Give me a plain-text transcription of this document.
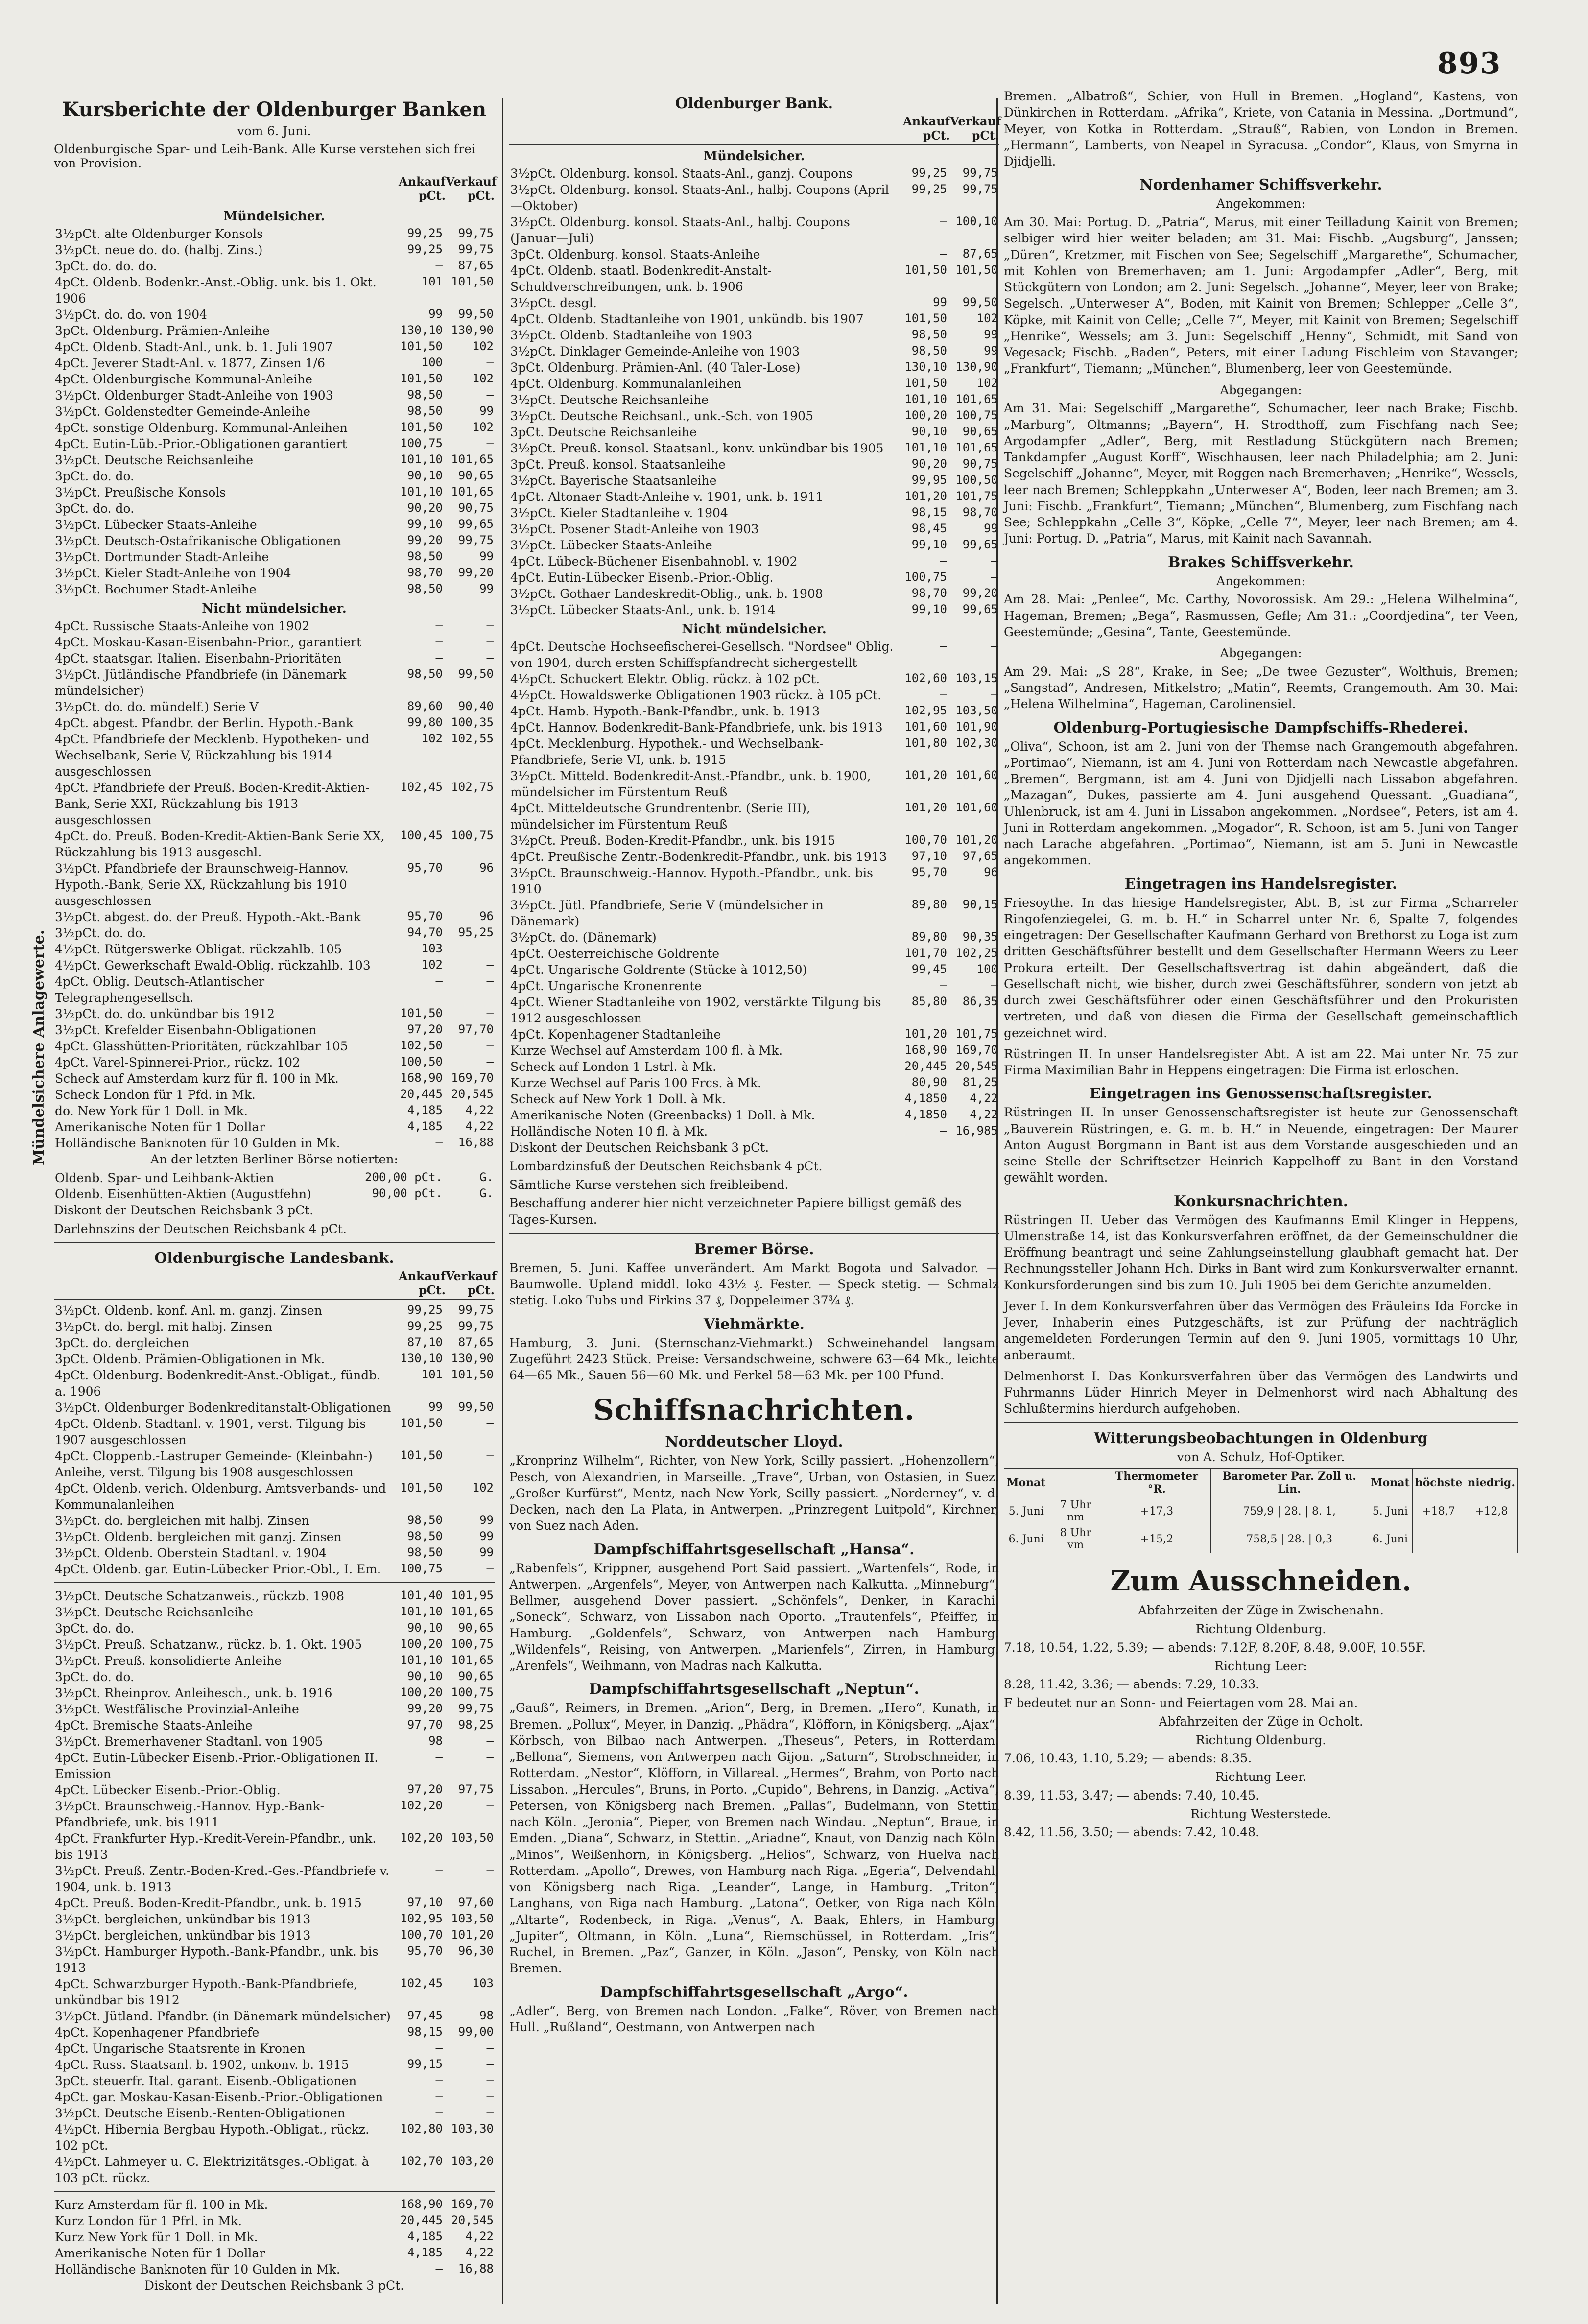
893
Mündelsichere Anlagewerte.
Kursberichte der Oldenburger Banken
vom 6. Juni.
Oldenburgische Spar- und Leih-Bank. Alle Kurse verstehen sich frei von Provision.
Ankauf pCt.
Verkauf pCt.
Mündelsicher.
3½pCt. alte Oldenburger Konsols	99,25	99,75
3½pCt. neue do. do. (halbj. Zins.)	99,25	99,75
3pCt. do. do. do.	—	87,65
4pCt. Oldenb. Bodenkr.-Anst.-Oblig. unk. bis 1. Okt. 1906	101	101,50
3½pCt. do. do. von 1904	99	99,50
3pCt. Oldenburg. Prämien-Anleihe	130,10	130,90
4pCt. Oldenb. Stadt-Anl., unk. b. 1. Juli 1907	101,50	102
4pCt. Jeverer Stadt-Anl. v. 1877, Zinsen 1/6	100	—
4pCt. Oldenburgische Kommunal-Anleihe	101,50	102
3½pCt. Oldenburger Stadt-Anleihe von 1903	98,50	—
3½pCt. Goldenstedter Gemeinde-Anleihe	98,50	99
4pCt. sonstige Oldenburg. Kommunal-Anleihen	101,50	102
4pCt. Eutin-Lüb.-Prior.-Obligationen garantiert	100,75	—
3½pCt. Deutsche Reichsanleihe	101,10	101,65
3pCt. do. do.	90,10	90,65
3½pCt. Preußische Konsols	101,10	101,65
3pCt. do. do.	90,20	90,75
3½pCt. Lübecker Staats-Anleihe	99,10	99,65
3½pCt. Deutsch-Ostafrikanische Obligationen	99,20	99,75
3½pCt. Dortmunder Stadt-Anleihe	98,50	99
3½pCt. Kieler Stadt-Anleihe von 1904	98,70	99,20
3½pCt. Bochumer Stadt-Anleihe	98,50	99
Nicht mündelsicher.
4pCt. Russische Staats-Anleihe von 1902	—	—
4pCt. Moskau-Kasan-Eisenbahn-Prior., garantiert	—	—
4pCt. staatsgar. Italien. Eisenbahn-Prioritäten	—	—
3½pCt. Jütländische Pfandbriefe (in Dänemark mündelsicher)	98,50	99,50
3½pCt. do. do. mündelf.) Serie V	89,60	90,40
4pCt. abgest. Pfandbr. der Berlin. Hypoth.-Bank	99,80	100,35
4pCt. Pfandbriefe der Mecklenb. Hypotheken- und Wechselbank, Serie V, Rückzahlung bis 1914 ausgeschlossen	102	102,55
4pCt. Pfandbriefe der Preuß. Boden-Kredit-Aktien-Bank, Serie XXI, Rückzahlung bis 1913 ausgeschlossen	102,45	102,75
4pCt. do. Preuß. Boden-Kredit-Aktien-Bank Serie XX, Rückzahlung bis 1913 ausgeschl.	100,45	100,75
3½pCt. Pfandbriefe der Braunschweig-Hannov. Hypoth.-Bank, Serie XX, Rückzahlung bis 1910 ausgeschlossen	95,70	96
3½pCt. abgest. do. der Preuß. Hypoth.-Akt.-Bank	95,70	96
3½pCt. do. do.	94,70	95,25
4½pCt. Rütgerswerke Obligat. rückzahlb. 105	103	—
4½pCt. Gewerkschaft Ewald-Oblig. rückzahlb. 103	102	—
4pCt. Oblig. Deutsch-Atlantischer Telegraphengesellsch.	—	—
3½pCt. do. do. unkündbar bis 1912	101,50	—
3½pCt. Krefelder Eisenbahn-Obligationen	97,20	97,70
4pCt. Glasshütten-Prioritäten, rückzahlbar 105	102,50	—
4pCt. Varel-Spinnerei-Prior., rückz. 102	100,50	—
Scheck auf Amsterdam kurz für fl. 100 in Mk.	168,90	169,70
Scheck London für 1 Pfd. in Mk.	20,445	20,545
do. New York für 1 Doll. in Mk.	4,185	4,22
Amerikanische Noten für 1 Dollar	4,185	4,22
Holländische Banknoten für 10 Gulden in Mk.	—	16,88
An der letzten Berliner Börse notierten:
Oldenb. Spar- und Leihbank-Aktien	200,00 pCt.	G.
Oldenb. Eisenhütten-Aktien (Augustfehn)	90,00 pCt.	G.
Diskont der Deutschen Reichsbank 3 pCt.
Darlehnszins der Deutschen Reichsbank 4 pCt.
Oldenburgische Landesbank.
Ankauf pCt.
Verkauf pCt.
3½pCt. Oldenb. konf. Anl. m. ganzj. Zinsen	99,25	99,75
3½pCt. do. bergl. mit halbj. Zinsen	99,25	99,75
3pCt. do. dergleichen	87,10	87,65
3pCt. Oldenb. Prämien-Obligationen in Mk.	130,10	130,90
4pCt. Oldenburg. Bodenkredit-Anst.-Obligat., fündb. a. 1906	101	101,50
3½pCt. Oldenburger Bodenkreditanstalt-Obligationen	99	99,50
4pCt. Oldenb. Stadtanl. v. 1901, verst. Tilgung bis 1907 ausgeschlossen	101,50	—
4pCt. Cloppenb.-Lastruper Gemeinde- (Kleinbahn-) Anleihe, verst. Tilgung bis 1908 ausgeschlossen	101,50	—
4pCt. Oldenb. verich. Oldenburg. Amtsverbands- und Kommunalanleihen	101,50	102
3½pCt. do. bergleichen mit halbj. Zinsen	98,50	99
3½pCt. Oldenb. bergleichen mit ganzj. Zinsen	98,50	99
3½pCt. Oldenb. Oberstein Stadtanl. v. 1904	98,50	99
4pCt. Oldenb. gar. Eutin-Lübecker Prior.-Obl., I. Em.	100,75	—
3½pCt. Deutsche Schatzanweis., rückzb. 1908	101,40	101,95
3½pCt. Deutsche Reichsanleihe	101,10	101,65
3pCt. do. do.	90,10	90,65
3½pCt. Preuß. Schatzanw., rückz. b. 1. Okt. 1905	100,20	100,75
3½pCt. Preuß. konsolidierte Anleihe	101,10	101,65
3pCt. do. do.	90,10	90,65
3½pCt. Rheinprov. Anleihesch., unk. b. 1916	100,20	100,75
3½pCt. Westfälische Provinzial-Anleihe	99,20	99,75
4pCt. Bremische Staats-Anleihe	97,70	98,25
3½pCt. Bremerhavener Stadtanl. von 1905	98	—
4pCt. Eutin-Lübecker Eisenb.-Prior.-Obligationen II. Emission	—	—
4pCt. Lübecker Eisenb.-Prior.-Oblig.	97,20	97,75
3½pCt. Braunschweig.-Hannov. Hyp.-Bank-Pfandbriefe, unk. bis 1911	102,20	—
4pCt. Frankfurter Hyp.-Kredit-Verein-Pfandbr., unk. bis 1913	102,20	103,50
3½pCt. Preuß. Zentr.-Boden-Kred.-Ges.-Pfandbriefe v. 1904, unk. b. 1913	—	—
4pCt. Preuß. Boden-Kredit-Pfandbr., unk. b. 1915	97,10	97,60
3½pCt. bergleichen, unkündbar bis 1913	102,95	103,50
3½pCt. bergleichen, unkündbar bis 1913	100,70	101,20
3½pCt. Hamburger Hypoth.-Bank-Pfandbr., unk. bis 1913	95,70	96,30
4pCt. Schwarzburger Hypoth.-Bank-Pfandbriefe, unkündbar bis 1912	102,45	103
3½pCt. Jütland. Pfandbr. (in Dänemark mündelsicher)	97,45	98
4pCt. Kopenhagener Pfandbriefe	98,15	99,00
4pCt. Ungarische Staatsrente in Kronen	—	—
4pCt. Russ. Staatsanl. b. 1902, unkonv. b. 1915	99,15	—
3pCt. steuerfr. Ital. garant. Eisenb.-Obligationen	—	—
4pCt. gar. Moskau-Kasan-Eisenb.-Prior.-Obligationen	—	—
3½pCt. Deutsche Eisenb.-Renten-Obligationen	—	—
4½pCt. Hibernia Bergbau Hypoth.-Obligat., rückz. 102 pCt.	102,80	103,30
4½pCt. Lahmeyer u. C. Elektrizitätsges.-Obligat. à 103 pCt. rückz.	102,70	103,20
Kurz Amsterdam für fl. 100 in Mk.	168,90	169,70
Kurz London für 1 Pfrl. in Mk.	20,445	20,545
Kurz New York für 1 Doll. in Mk.	4,185	4,22
Amerikanische Noten für 1 Dollar	4,185	4,22
Holländische Banknoten für 10 Gulden in Mk.	—	16,88
Diskont der Deutschen Reichsbank 3 pCt.
Oldenburger Bank.
Ankauf pCt.
Verkauf pCt.
Mündelsicher.
3½pCt. Oldenburg. konsol. Staats-Anl., ganzj. Coupons	99,25	99,75
3½pCt. Oldenburg. konsol. Staats-Anl., halbj. Coupons (April—Oktober)	99,25	99,75
3½pCt. Oldenburg. konsol. Staats-Anl., halbj. Coupons (Januar—Juli)	—	100,10
3pCt. Oldenburg. konsol. Staats-Anleihe	—	87,65
4pCt. Oldenb. staatl. Bodenkredit-Anstalt-Schuldverschreibungen, unk. b. 1906	101,50	101,50
3½pCt. desgl.	99	99,50
4pCt. Oldenb. Stadtanleihe von 1901, unkündb. bis 1907	101,50	102
3½pCt. Oldenb. Stadtanleihe von 1903	98,50	99
3½pCt. Dinklager Gemeinde-Anleihe von 1903	98,50	99
3pCt. Oldenburg. Prämien-Anl. (40 Taler-Lose)	130,10	130,90
4pCt. Oldenburg. Kommunalanleihen	101,50	102
3½pCt. Deutsche Reichsanleihe	101,10	101,65
3½pCt. Deutsche Reichsanl., unk.-Sch. von 1905	100,20	100,75
3pCt. Deutsche Reichsanleihe	90,10	90,65
3½pCt. Preuß. konsol. Staatsanl., konv. unkündbar bis 1905	101,10	101,65
3pCt. Preuß. konsol. Staatsanleihe	90,20	90,75
3½pCt. Bayerische Staatsanleihe	99,95	100,50
4pCt. Altonaer Stadt-Anleihe v. 1901, unk. b. 1911	101,20	101,75
3½pCt. Kieler Stadtanleihe v. 1904	98,15	98,70
3½pCt. Posener Stadt-Anleihe von 1903	98,45	99
3½pCt. Lübecker Staats-Anleihe	99,10	99,65
4pCt. Lübeck-Büchener Eisenbahnobl. v. 1902	—	—
4pCt. Eutin-Lübecker Eisenb.-Prior.-Oblig.	100,75	—
3½pCt. Gothaer Landeskredit-Oblig., unk. b. 1908	98,70	99,20
3½pCt. Lübecker Staats-Anl., unk. b. 1914	99,10	99,65
Nicht mündelsicher.
4pCt. Deutsche Hochseefischerei-Gesellsch. "Nordsee" Oblig. von 1904, durch ersten Schiffspfandrecht sichergestellt	—	—
4½pCt. Schuckert Elektr. Oblig. rückz. à 102 pCt.	102,60	103,15
4½pCt. Howaldswerke Obligationen 1903 rückz. à 105 pCt.	—	—
4pCt. Hamb. Hypoth.-Bank-Pfandbr., unk. b. 1913	102,95	103,50
4pCt. Hannov. Bodenkredit-Bank-Pfandbriefe, unk. bis 1913	101,60	101,90
4pCt. Mecklenburg. Hypothek.- und Wechselbank-Pfandbriefe, Serie VI, unk. b. 1915	101,80	102,30
3½pCt. Mitteld. Bodenkredit-Anst.-Pfandbr., unk. b. 1900, mündelsicher im Fürstentum Reuß	101,20	101,60
4pCt. Mitteldeutsche Grundrentenbr. (Serie III), mündelsicher im Fürstentum Reuß	101,20	101,60
3½pCt. Preuß. Boden-Kredit-Pfandbr., unk. bis 1915	100,70	101,20
4pCt. Preußische Zentr.-Bodenkredit-Pfandbr., unk. bis 1913	97,10	97,65
3½pCt. Braunschweig.-Hannov. Hypoth.-Pfandbr., unk. bis 1910	95,70	96
3½pCt. Jütl. Pfandbriefe, Serie V (mündelsicher in Dänemark)	89,80	90,15
3½pCt. do. (Dänemark)	89,80	90,35
4pCt. Oesterreichische Goldrente	101,70	102,25
4pCt. Ungarische Goldrente (Stücke à 1012,50)	99,45	100
4pCt. Ungarische Kronenrente	—	—
4pCt. Wiener Stadtanleihe von 1902, verstärkte Tilgung bis 1912 ausgeschlossen	85,80	86,35
4pCt. Kopenhagener Stadtanleihe	101,20	101,75
Kurze Wechsel auf Amsterdam 100 fl. à Mk.	168,90	169,70
Scheck auf London 1 Lstrl. à Mk.	20,445	20,545
Kurze Wechsel auf Paris 100 Frcs. à Mk.	80,90	81,25
Scheck auf New York 1 Doll. à Mk.	4,1850	4,22
Amerikanische Noten (Greenbacks) 1 Doll. à Mk.	4,1850	4,22
Holländische Noten 10 fl. à Mk.	—	16,985
Diskont der Deutschen Reichsbank 3 pCt.
Lombardzinsfuß der Deutschen Reichsbank 4 pCt.
Sämtliche Kurse verstehen sich freibleibend.
Beschaffung anderer hier nicht verzeichneter Papiere billigst gemäß des Tages-Kursen.
Bremer Börse.

Bremen, 5. Juni. Kaffee unverändert. Am Markt Bogota und Salvador. — Baumwolle. Upland middl. loko 43½ ₰. Fester. — Speck stetig. — Schmalz stetig. Loko Tubs und Firkins 37 ₰, Doppeleimer 37¾ ₰.

Viehmärkte.

Hamburg, 3. Juni. (Sternschanz-Viehmarkt.) Schweinehandel langsam. Zugeführt 2423 Stück. Preise: Versandschweine, schwere 63—64 Mk., leichte 64—65 Mk., Sauen 56—60 Mk. und Ferkel 58—63 Mk. per 100 Pfund.

Schiffsnachrichten.
Norddeutscher Lloyd.

„Kronprinz Wilhelm“, Richter, von New York, Scilly passiert. „Hohenzollern“, Pesch, von Alexandrien, in Marseille. „Trave“, Urban, von Ostasien, in Suez. „Großer Kurfürst“, Mentz, nach New York, Scilly passiert. „Norderney“, v. d. Decken, nach den La Plata, in Antwerpen. „Prinzregent Luitpold“, Kirchner, von Suez nach Aden.

Dampfschiffahrtsgesellschaft „Hansa“.

„Rabenfels“, Krippner, ausgehend Port Said passiert. „Wartenfels“, Rode, in Antwerpen. „Argenfels“, Meyer, von Antwerpen nach Kalkutta. „Minneburg“, Bellmer, ausgehend Dover passiert. „Schönfels“, Denker, in Karachi. „Soneck“, Schwarz, von Lissabon nach Oporto. „Trautenfels“, Pfeiffer, in Hamburg. „Goldenfels“, Schwarz, von Antwerpen nach Hamburg. „Wildenfels“, Reising, von Antwerpen. „Marienfels“, Zirren, in Hamburg. „Arenfels“, Weihmann, von Madras nach Kalkutta.

Dampfschiffahrtsgesellschaft „Neptun“.

„Gauß“, Reimers, in Bremen. „Arion“, Berg, in Bremen. „Hero“, Kunath, in Bremen. „Pollux“, Meyer, in Danzig. „Phädra“, Klöfforn, in Königsberg. „Ajax“, Körbsch, von Bilbao nach Antwerpen. „Theseus“, Peters, in Rotterdam. „Bellona“, Siemens, von Antwerpen nach Gijon. „Saturn“, Strobschneider, in Rotterdam. „Nestor“, Klöfforn, in Villareal. „Hermes“, Brahm, von Porto nach Lissabon. „Hercules“, Bruns, in Porto. „Cupido“, Behrens, in Danzig. „Activa“, Petersen, von Königsberg nach Bremen. „Pallas“, Budelmann, von Stettin nach Köln. „Jeronia“, Pieper, von Bremen nach Windau. „Neptun“, Braue, in Emden. „Diana“, Schwarz, in Stettin. „Ariadne“, Knaut, von Danzig nach Köln. „Minos“, Weißenhorn, in Königsberg. „Helios“, Schwarz, von Huelva nach Rotterdam. „Apollo“, Drewes, von Hamburg nach Riga. „Egeria“, Delvendahl, von Königsberg nach Riga. „Leander“, Lange, in Hamburg. „Triton“, Langhans, von Riga nach Hamburg. „Latona“, Oetker, von Riga nach Köln. „Altarte“, Rodenbeck, in Riga. „Venus“, A. Baak, Ehlers, in Hamburg. „Jupiter“, Oltmann, in Köln. „Luna“, Riemschüssel, in Rotterdam. „Iris“, Ruchel, in Bremen. „Paz“, Ganzer, in Köln. „Jason“, Pensky, von Köln nach Bremen.

Dampfschiffahrtsgesellschaft „Argo“.

„Adler“, Berg, von Bremen nach London. „Falke“, Röver, von Bremen nach Hull. „Rußland“, Oestmann, von Antwerpen nach

Bremen. „Albatroß“, Schier, von Hull in Bremen. „Hogland“, Kastens, von Dünkirchen in Rotterdam. „Afrika“, Kriete, von Catania in Messina. „Dortmund“, Meyer, von Kotka in Rotterdam. „Strauß“, Rabien, von London in Bremen. „Hermann“, Lamberts, von Neapel in Syracusa. „Condor“, Klaus, von Smyrna in Djidjelli.

Nordenhamer Schiffsverkehr.
Angekommen:

Am 30. Mai: Portug. D. „Patria“, Marus, mit einer Teilladung Kainit von Bremen; selbiger wird hier weiter beladen; am 31. Mai: Fischb. „Augsburg“, Janssen; „Düren“, Kretzmer, mit Fischen von See; Segelschiff „Margarethe“, Schumacher, mit Kohlen von Bremerhaven; am 1. Juni: Argodampfer „Adler“, Berg, mit Stückgütern von London; am 2. Juni: Segelsch. „Johanne“, Meyer, leer von Brake; Segelsch. „Unterweser A“, Boden, mit Kainit von Bremen; Schlepper „Celle 3“, Köpke, mit Kainit von Celle; „Celle 7“, Meyer, mit Kainit von Bremen; Segelschiff „Henrike“, Wessels; am 3. Juni: Segelschiff „Henny“, Schmidt, mit Sand von Vegesack; Fischb. „Baden“, Peters, mit einer Ladung Fischleim von Stavanger; „Frankfurt“, Tiemann; „München“, Blumenberg, leer von Geestemünde.

Abgegangen:

Am 31. Mai: Segelschiff „Margarethe“, Schumacher, leer nach Brake; Fischb. „Marburg“, Oltmanns; „Bayern“, H. Strodthoff, zum Fischfang nach See; Argodampfer „Adler“, Berg, mit Restladung Stückgütern nach Bremen; Tankdampfer „August Korff“, Wischhausen, leer nach Philadelphia; am 2. Juni: Segelschiff „Johanne“, Meyer, mit Roggen nach Bremerhaven; „Henrike“, Wessels, leer nach Bremen; Schleppkahn „Unterweser A“, Boden, leer nach Bremen; am 3. Juni: Fischb. „Frankfurt“, Tiemann; „München“, Blumenberg, zum Fischfang nach See; Schleppkahn „Celle 3“, Köpke; „Celle 7“, Meyer, leer nach Bremen; am 4. Juni: Portug. D. „Patria“, Marus, mit Kainit nach Savannah.

Brakes Schiffsverkehr.
Angekommen:

Am 28. Mai: „Penlee“, Mc. Carthy, Novorossisk. Am 29.: „Helena Wilhelmina“, Hageman, Bremen; „Bega“, Rasmussen, Gefle; Am 31.: „Coordjedina“, ter Veen, Geestemünde; „Gesina“, Tante, Geestemünde.

Abgegangen:

Am 29. Mai: „S 28“, Krake, in See; „De twee Gezuster“, Wolthuis, Bremen; „Sangstad“, Andresen, Mitkelstro; „Matin“, Reemts, Grangemouth. Am 30. Mai: „Helena Wilhelmina“, Hageman, Carolinensiel.

Oldenburg-Portugiesische Dampfschiffs-Rhederei.

„Oliva“, Schoon, ist am 2. Juni von der Themse nach Grangemouth abgefahren. „Portimao“, Niemann, ist am 4. Juni von Rotterdam nach Newcastle abgefahren. „Bremen“, Bergmann, ist am 4. Juni von Djidjelli nach Lissabon abgefahren. „Mazagan“, Dukes, passierte am 4. Juni ausgehend Quessant. „Guadiana“, Uhlenbruck, ist am 4. Juni in Lissabon angekommen. „Nordsee“, Peters, ist am 4. Juni in Rotterdam angekommen. „Mogador“, R. Schoon, ist am 5. Juni von Tanger nach Larache abgefahren. „Portimao“, Niemann, ist am 5. Juni in Newcastle angekommen.

Eingetragen ins Handelsregister.

Friesoythe. In das hiesige Handelsregister, Abt. B, ist zur Firma „Scharreler Ringofenziegelei, G. m. b. H.“ in Scharrel unter Nr. 6, Spalte 7, folgendes eingetragen: Der Gesellschafter Kaufmann Gerhard von Brethorst zu Loga ist zum dritten Geschäftsführer bestellt und dem Gesellschafter Hermann Weers zu Leer Prokura erteilt. Der Gesellschaftsvertrag ist dahin abgeändert, daß die Gesellschaft nicht, wie bisher, durch zwei Geschäftsführer, sondern von jetzt ab durch zwei Geschäftsführer oder einen Geschäftsführer und den Prokuristen vertreten, und daß von diesen die Firma der Gesellschaft gemeinschaftlich gezeichnet wird.

Rüstringen II. In unser Handelsregister Abt. A ist am 22. Mai unter Nr. 75 zur Firma Maximilian Bahr in Heppens eingetragen: Die Firma ist erloschen.

Eingetragen ins Genossenschaftsregister.

Rüstringen II. In unser Genossenschaftsregister ist heute zur Genossenschaft „Bauverein Rüstringen, e. G. m. b. H.“ in Neuende, eingetragen: Der Maurer Anton August Borgmann in Bant ist aus dem Vorstande ausgeschieden und an seine Stelle der Schriftsetzer Heinrich Kappelhoff zu Bant in den Vorstand gewählt worden.

Konkursnachrichten.

Rüstringen II. Ueber das Vermögen des Kaufmanns Emil Klinger in Heppens, Ulmenstraße 14, ist das Konkursverfahren eröffnet, da der Gemeinschuldner die Eröffnung beantragt und seine Zahlungseinstellung glaubhaft gemacht hat. Der Rechnungssteller Johann Hch. Dirks in Bant wird zum Konkursverwalter ernannt. Konkursforderungen sind bis zum 10. Juli 1905 bei dem Gerichte anzumelden.

Jever I. In dem Konkursverfahren über das Vermögen des Fräuleins Ida Forcke in Jever, Inhaberin eines Putzgeschäfts, ist zur Prüfung der nachträglich angemeldeten Forderungen Termin auf den 9. Juni 1905, vormittags 10 Uhr, anberaumt.

Delmenhorst I. Das Konkursverfahren über das Vermögen des Landwirts und Fuhrmanns Lüder Hinrich Meyer in Delmenhorst wird nach Abhaltung des Schlußtermins hierdurch aufgehoben.

Witterungsbeobachtungen in Oldenburg
von A. Schulz, Hof-Optiker.
Monat		Thermometer °R.	Barometer Par. Zoll u. Lin.	Monat	höchste	niedrig.
5. Juni	7 Uhr nm	+17,3	759,9 | 28. | 8. 1,	5. Juni	+18,7	+12,8
6. Juni	8 Uhr vm	+15,2	758,5 | 28. | 0,3	6. Juni		
Zum Ausschneiden.
Abfahrzeiten der Züge in Zwischenahn.
Richtung Oldenburg.
7.18, 10.54, 1.22, 5.39; — abends: 7.12F, 8.20F, 8.48, 9.00F, 10.55F.
Richtung Leer:
8.28, 11.42, 3.36; — abends: 7.29, 10.33.
F bedeutet nur an Sonn- und Feiertagen vom 28. Mai an.
Abfahrzeiten der Züge in Ocholt.
Richtung Oldenburg.
7.06, 10.43, 1.10, 5.29; — abends: 8.35.
Richtung Leer.
8.39, 11.53, 3.47; — abends: 7.40, 10.45.
Richtung Westerstede.
8.42, 11.56, 3.50; — abends: 7.42, 10.48.
